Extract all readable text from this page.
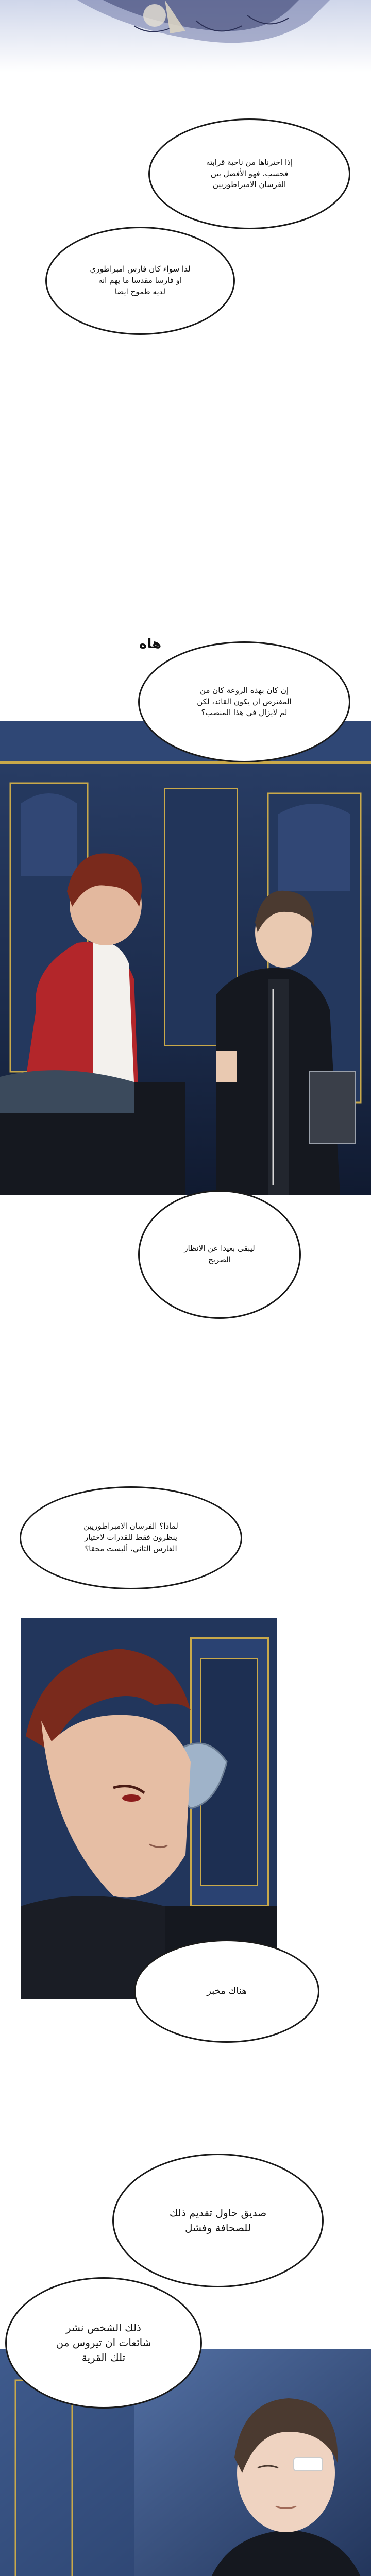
إذا اخترناها من ناحية قرابته
فحسب، فهو الأفضل بين
الفرسان الامبراطوريين
لذا سواء كان فارس امبراطوري
او فارسا مقدسا ما يهم انه
لديه طموح ايضا
هاه
إن كان بهذه الروعة كان من
المفترض ان يكون القائد، لكن
لم لايزال في هذا المنصب؟
ليبقى بعيدا عن الانظار
الصريح
لماذا؟ الفرسان الامبراطوريين
ينظرون فقط للقدرات لاختيار
الفارس الثاني، أليست محقا؟
هناك مخبر
صديق حاول تقديم ذلك
للصحافة وفشل
ذلك الشخص نشر
شائعات ان تيروس من
تلك القرية
